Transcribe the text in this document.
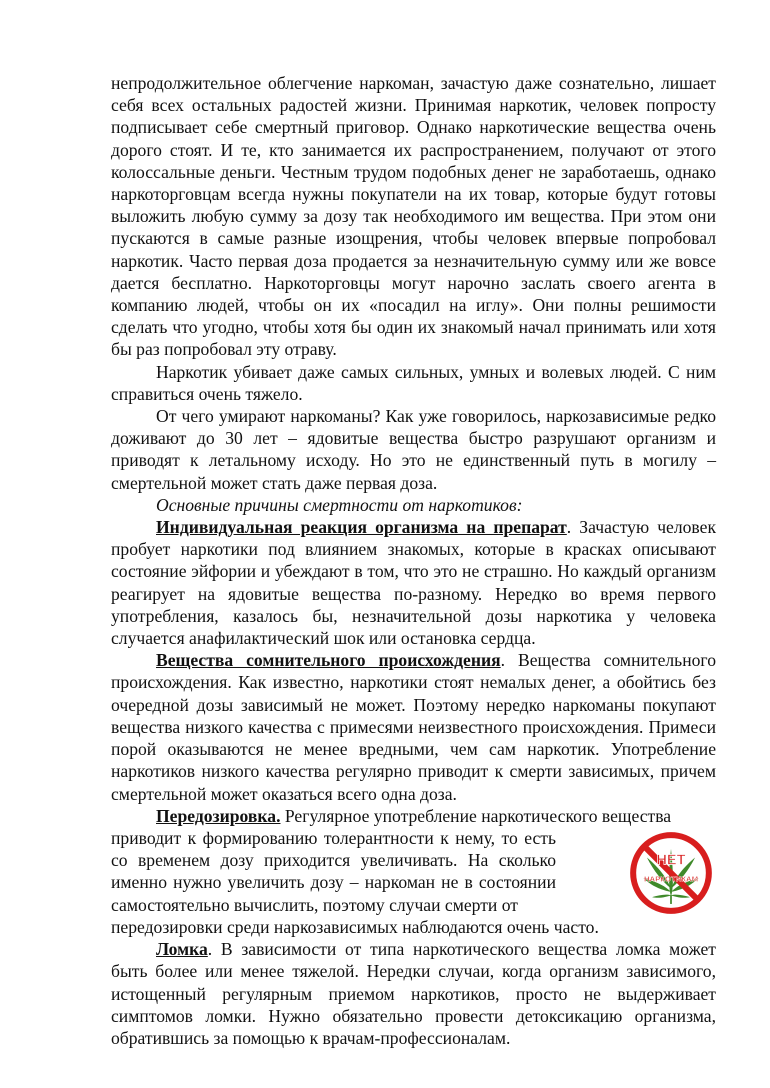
непродолжительное облегчение наркоман, зачастую даже сознательно, лишает себя всех остальных радостей жизни. Принимая наркотик, человек попросту подписывает себе смертный приговор. Однако наркотические вещества очень дорого стоят. И те, кто занимается их распространением, получают от этого колоссальные деньги. Честным трудом подобных денег не заработаешь, однако наркоторговцам всегда нужны покупатели на их товар, которые будут готовы выложить любую сумму за дозу так необходимого им вещества. При этом они пускаются в самые разные изощрения, чтобы человек впервые попробовал наркотик. Часто первая доза продается за незначительную сумму или же вовсе дается бесплатно. Наркоторговцы могут нарочно заслать своего агента в компанию людей, чтобы он их «посадил на иглу». Они полны решимости сделать что угодно, чтобы хотя бы один их знакомый начал принимать или хотя бы раз попробовал эту отраву.

Наркотик убивает даже самых сильных, умных и волевых людей. С ним справиться очень тяжело.

От чего умирают наркоманы? Как уже говорилось, наркозависимые редко доживают до 30 лет – ядовитые вещества быстро разрушают организм и приводят к летальному исходу. Но это не единственный путь в могилу – смертельной может стать даже первая доза.

Основные причины смертности от наркотиков:

Индивидуальная реакция организма на препарат. Зачастую человек пробует наркотики под влиянием знакомых, которые в красках описывают состояние эйфории и убеждают в том, что это не страшно. Но каждый организм реагирует на ядовитые вещества по-разному. Нередко во время первого употребления, казалось бы, незначительной дозы наркотика у человека случается анафилактический шок или остановка сердца.

Вещества сомнительного происхождения. Вещества сомнительного происхождения. Как известно, наркотики стоят немалых денег, а обойтись без очередной дозы зависимый не может. Поэтому нередко наркоманы покупают вещества низкого качества с примесями неизвестного происхождения. Примеси порой оказываются не менее вредными, чем сам наркотик. Употребление наркотиков низкого качества регулярно приводит к смерти зависимых, причем смертельной может оказаться всего одна доза.

Передозировка. Регулярное употребление наркотического вещества

НЕТ
НАРКОТИКАМ

приводит к формированию толерантности к нему, то есть со временем дозу приходится увеличивать. На сколько именно нужно увеличить дозу – наркоман не в состоянии самостоятельно вычислить, поэтому случаи смерти от

передозировки среди наркозависимых наблюдаются очень часто.

Ломка. В зависимости от типа наркотического вещества ломка может быть более или менее тяжелой. Нередки случаи, когда организм зависимого, истощенный регулярным приемом наркотиков, просто не выдерживает симптомов ломки. Нужно обязательно провести детоксикацию организма, обратившись за помощью к врачам-профессионалам.
